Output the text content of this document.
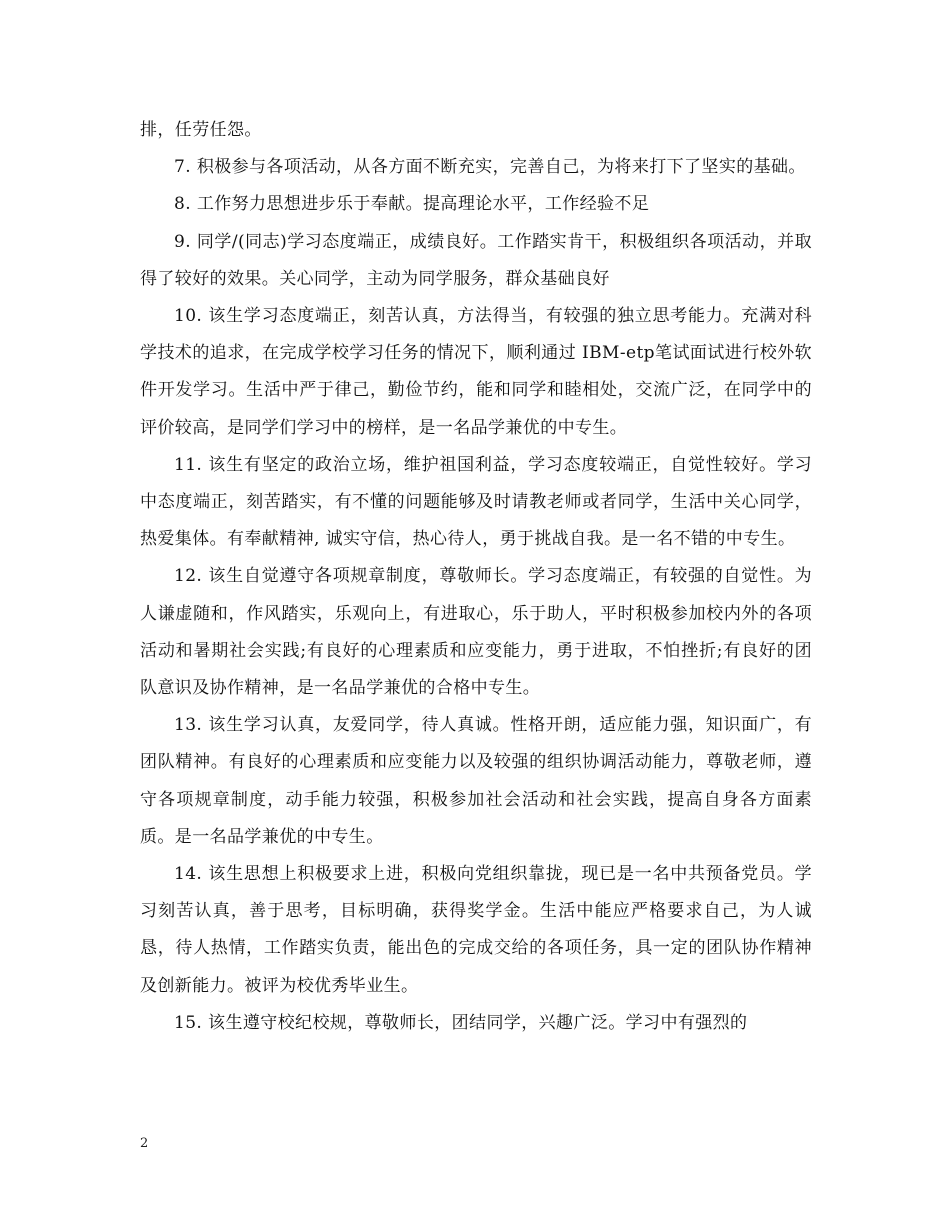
排，任劳任怨。

7. 积极参与各项活动，从各方面不断充实，完善自己，为将来打下了坚实的基础。

8. 工作努力思想进步乐于奉献。提高理论水平，工作经验不足

9. 同学/(同志)学习态度端正，成绩良好。工作踏实肯干，积极组织各项活动，并取得了较好的效果。关心同学，主动为同学服务，群众基础良好

10. 该生学习态度端正，刻苦认真，方法得当，有较强的独立思考能力。充满对科学技术的追求，在完成学校学习任务的情况下，顺利通过 IBM-etp笔试面试进行校外软件开发学习。生活中严于律己，勤俭节约，能和同学和睦相处，交流广泛，在同学中的评价较高，是同学们学习中的榜样，是一名品学兼优的中专生。

11. 该生有坚定的政治立场，维护祖国利益，学习态度较端正，自觉性较好。学习中态度端正，刻苦踏实，有不懂的问题能够及时请教老师或者同学，生活中关心同学，热爱集体。有奉献精神, 诚实守信，热心待人，勇于挑战自我。是一名不错的中专生。

12. 该生自觉遵守各项规章制度，尊敬师长。学习态度端正，有较强的自觉性。为人谦虚随和，作风踏实，乐观向上，有进取心，乐于助人，平时积极参加校内外的各项活动和暑期社会实践;有良好的心理素质和应变能力，勇于进取，不怕挫折;有良好的团队意识及协作精神，是一名品学兼优的合格中专生。

13. 该生学习认真，友爱同学，待人真诚。性格开朗，适应能力强，知识面广，有团队精神。有良好的心理素质和应变能力以及较强的组织协调活动能力，尊敬老师，遵守各项规章制度，动手能力较强，积极参加社会活动和社会实践，提高自身各方面素质。是一名品学兼优的中专生。

14. 该生思想上积极要求上进，积极向党组织靠拢，现已是一名中共预备党员。学习刻苦认真，善于思考，目标明确，获得奖学金。生活中能应严格要求自己，为人诚恳，待人热情，工作踏实负责，能出色的完成交给的各项任务，具一定的团队协作精神及创新能力。被评为校优秀毕业生。

15. 该生遵守校纪校规，尊敬师长，团结同学，兴趣广泛。学习中有强烈的

2
